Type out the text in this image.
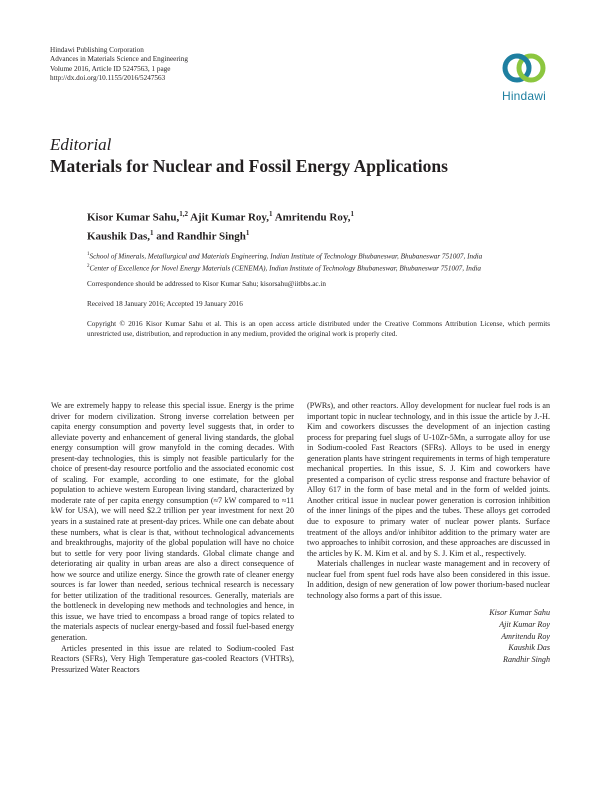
Hindawi Publishing Corporation
Advances in Materials Science and Engineering
Volume 2016, Article ID 5247563, 1 page
http://dx.doi.org/10.1155/2016/5247563
Hindawi
Editorial
Materials for Nuclear and Fossil Energy Applications
Kisor Kumar Sahu,$^{1,2}$ Ajit Kumar Roy,$^1$ Amritendu Roy,$^1$
Kaushik Das,$^1$ and Randhir Singh$^1$
$^1$School of Minerals, Metallurgical and Materials Engineering, Indian Institute of Technology Bhubaneswar, Bhubaneswar 751007, India
$^2$Center of Excellence for Novel Energy Materials (CENEMA), Indian Institute of Technology Bhubaneswar, Bhubaneswar 751007, India
Correspondence should be addressed to Kisor Kumar Sahu; kisorsahu@iitbbs.ac.in
Received 18 January 2016; Accepted 19 January 2016
Copyright © 2016 Kisor Kumar Sahu et al. This is an open access article distributed under the Creative Commons Attribution License, which permits unrestricted use, distribution, and reproduction in any medium, provided the original work is properly cited.

We are extremely happy to release this special issue. Energy is the prime driver for modern civilization. Strong inverse correlation between per capita energy consumption and poverty level suggests that, in order to alleviate poverty and enhancement of general living standards, the global energy consumption will grow manyfold in the coming decades. With present-day technologies, this is simply not feasible particularly for the choice of present-day resource portfolio and the associated economic cost of scaling. For example, according to one estimate, for the global population to achieve western European living standard, characterized by moderate rate of per capita energy consumption (≈7 kW compared to ≈11 kW for USA), we will need $2.2 trillion per year investment for next 20 years in a sustained rate at present-day prices. While one can debate about these numbers, what is clear is that, without technological advancements and breakthroughs, majority of the global population will have no choice but to settle for very poor living standards. Global climate change and deteriorating air quality in urban areas are also a direct consequence of how we source and utilize energy. Since the growth rate of cleaner energy sources is far lower than needed, serious technical research is necessary for better utilization of the traditional resources. Generally, materials are the bottleneck in developing new methods and technologies and hence, in this issue, we have tried to encompass a broad range of topics related to the materials aspects of nuclear energy-based and fossil fuel-based energy generation.

Articles presented in this issue are related to Sodium-cooled Fast Reactors (SFRs), Very High Temperature gas-cooled Reactors (VHTRs), Pressurized Water Reactors

(PWRs), and other reactors. Alloy development for nuclear fuel rods is an important topic in nuclear technology, and in this issue the article by J.-H. Kim and coworkers discusses the development of an injection casting process for preparing fuel slugs of U-10Zr-5Mn, a surrogate alloy for use in Sodium-cooled Fast Reactors (SFRs). Alloys to be used in energy generation plants have stringent requirements in terms of high temperature mechanical properties. In this issue, S. J. Kim and coworkers have presented a comparison of cyclic stress response and fracture behavior of Alloy 617 in the form of base metal and in the form of welded joints. Another critical issue in nuclear power generation is corrosion inhibition of the inner linings of the pipes and the tubes. These alloys get corroded due to exposure to primary water of nuclear power plants. Surface treatment of the alloys and/or inhibitor addition to the primary water are two approaches to inhibit corrosion, and these approaches are discussed in the articles by K. M. Kim et al. and by S. J. Kim et al., respectively.

Materials challenges in nuclear waste management and in recovery of nuclear fuel from spent fuel rods have also been considered in this issue. In addition, design of new generation of low power thorium-based nuclear technology also forms a part of this issue.

Kisor Kumar Sahu
Ajit Kumar Roy
Amritendu Roy
Kaushik Das
Randhir Singh
